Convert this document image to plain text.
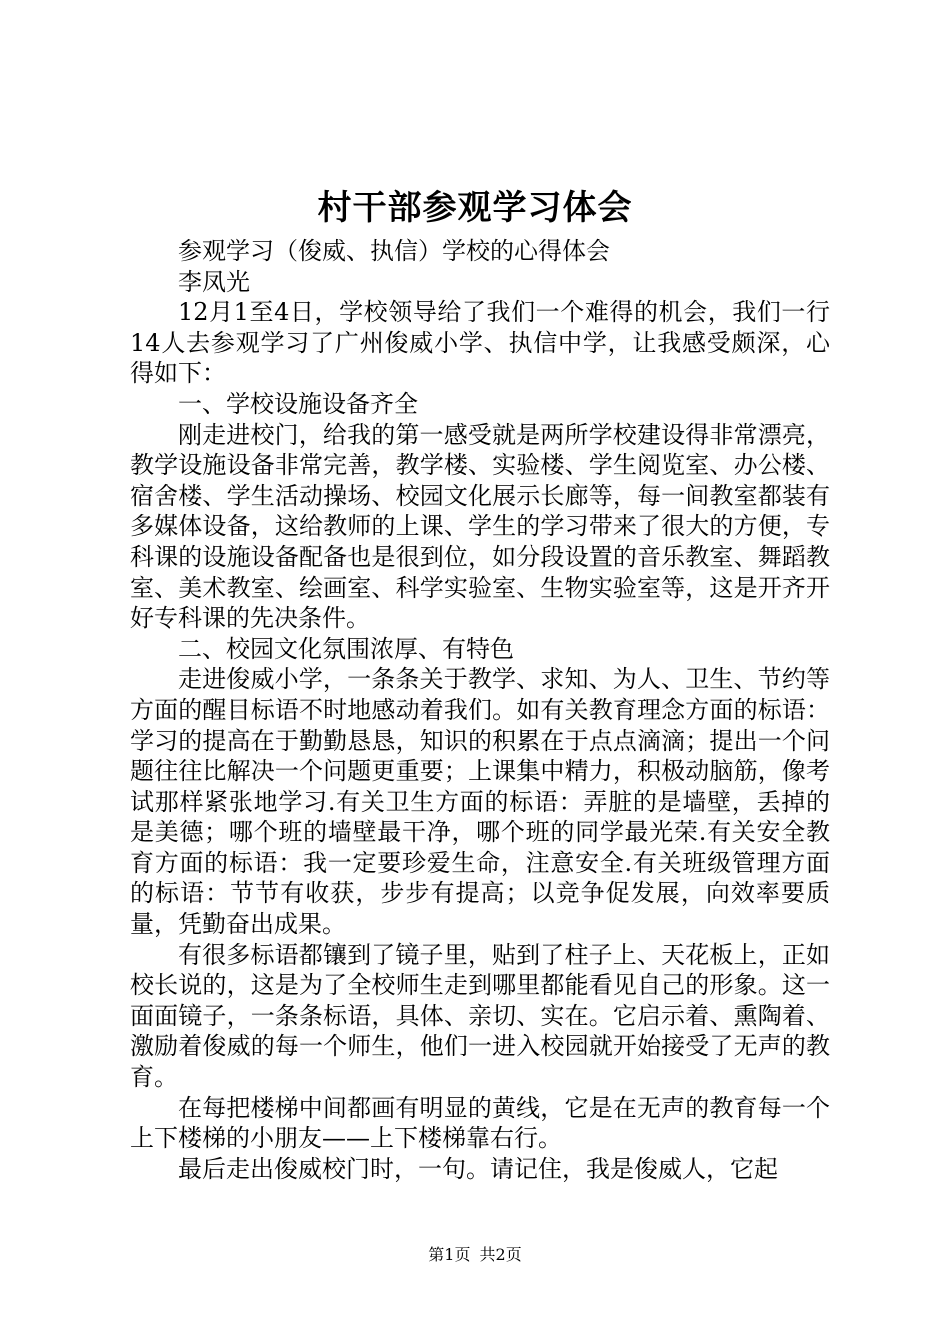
村干部参观学习体会

参观学习（俊威、执信）学校的心得体会

李凤光

12月1至4日，学校领导给了我们一个难得的机会，我们一行14人去参观学习了广州俊威小学、执信中学，让我感受颇深，心得如下：

一、学校设施设备齐全

刚走进校门，给我的第一感受就是两所学校建设得非常漂亮，教学设施设备非常完善，教学楼、实验楼、学生阅览室、办公楼、宿舍楼、学生活动操场、校园文化展示长廊等，每一间教室都装有多媒体设备，这给教师的上课、学生的学习带来了很大的方便，专科课的设施设备配备也是很到位，如分段设置的音乐教室、舞蹈教室、美术教室、绘画室、科学实验室、生物实验室等，这是开齐开好专科课的先决条件。

二、校园文化氛围浓厚、有特色

走进俊威小学，一条条关于教学、求知、为人、卫生、节约等方面的醒目标语不时地感动着我们。如有关教育理念方面的标语：学习的提高在于勤勤恳恳，知识的积累在于点点滴滴；提出一个问题往往比解决一个问题更重要；上课集中精力，积极动脑筋，像考试那样紧张地学习.有关卫生方面的标语：弄脏的是墙壁，丢掉的是美德；哪个班的墙壁最干净，哪个班的同学最光荣.有关安全教育方面的标语：我一定要珍爱生命，注意安全.有关班级管理方面的标语：节节有收获，步步有提高；以竞争促发展，向效率要质量，凭勤奋出成果。

有很多标语都镶到了镜子里，贴到了柱子上、天花板上，正如校长说的，这是为了全校师生走到哪里都能看见自己的形象。这一面面镜子，一条条标语，具体、亲切、实在。它启示着、熏陶着、激励着俊威的每一个师生，他们一进入校园就开始接受了无声的教育。

在每把楼梯中间都画有明显的黄线，它是在无声的教育每一个上下楼梯的小朋友——上下楼梯靠右行。

最后走出俊威校门时，一句。请记住，我是俊威人，它起

第1页 共2页
